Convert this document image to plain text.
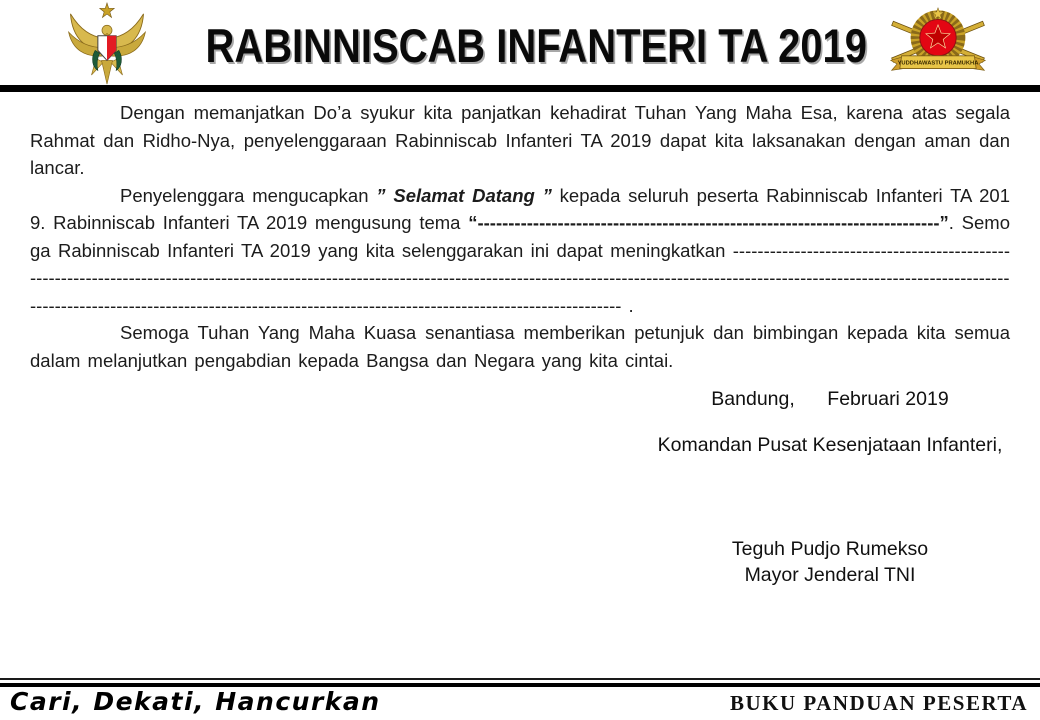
RABINNISCAB INFANTERI TA 2019	YUDDHAWASTU PRAMUKHA

Dengan memanjatkan Do’a syukur kita panjatkan kehadirat Tuhan Yang Maha Esa, karena atas segala Rahmat dan Ridho-Nya, penyelenggaraan Rabinniscab Infanteri TA 2019 dapat kita laksanakan dengan aman dan lancar.

Penyelenggara mengucapkan ” Selamat Datang ” kepada seluruh peserta Rabinniscab Infanteri TA 2019. Rabinniscab Infanteri TA 2019 mengusung tema “---------------------------------------------------------------------------”. Semoga Rabinniscab Infanteri TA 2019 yang kita selenggarakan ini dapat meningkatkan ------------------------------------------------------------------------------------------------------------------------------------------------------------------------------------------------------------------------------------------------------------------------------------------------------------ .

Semoga Tuhan Yang Maha Kuasa senantiasa memberikan petunjuk dan bimbingan kepada kita semua dalam melanjutkan pengabdian kepada Bangsa dan Negara yang kita cintai.

Bandung,      Februari 2019

Komandan Pusat Kesenjataan Infanteri,

Teguh Pudjo Rumekso

Mayor Jenderal TNI

Cari, Dekati, Hancurkan	BUKU PANDUAN PESERTA
